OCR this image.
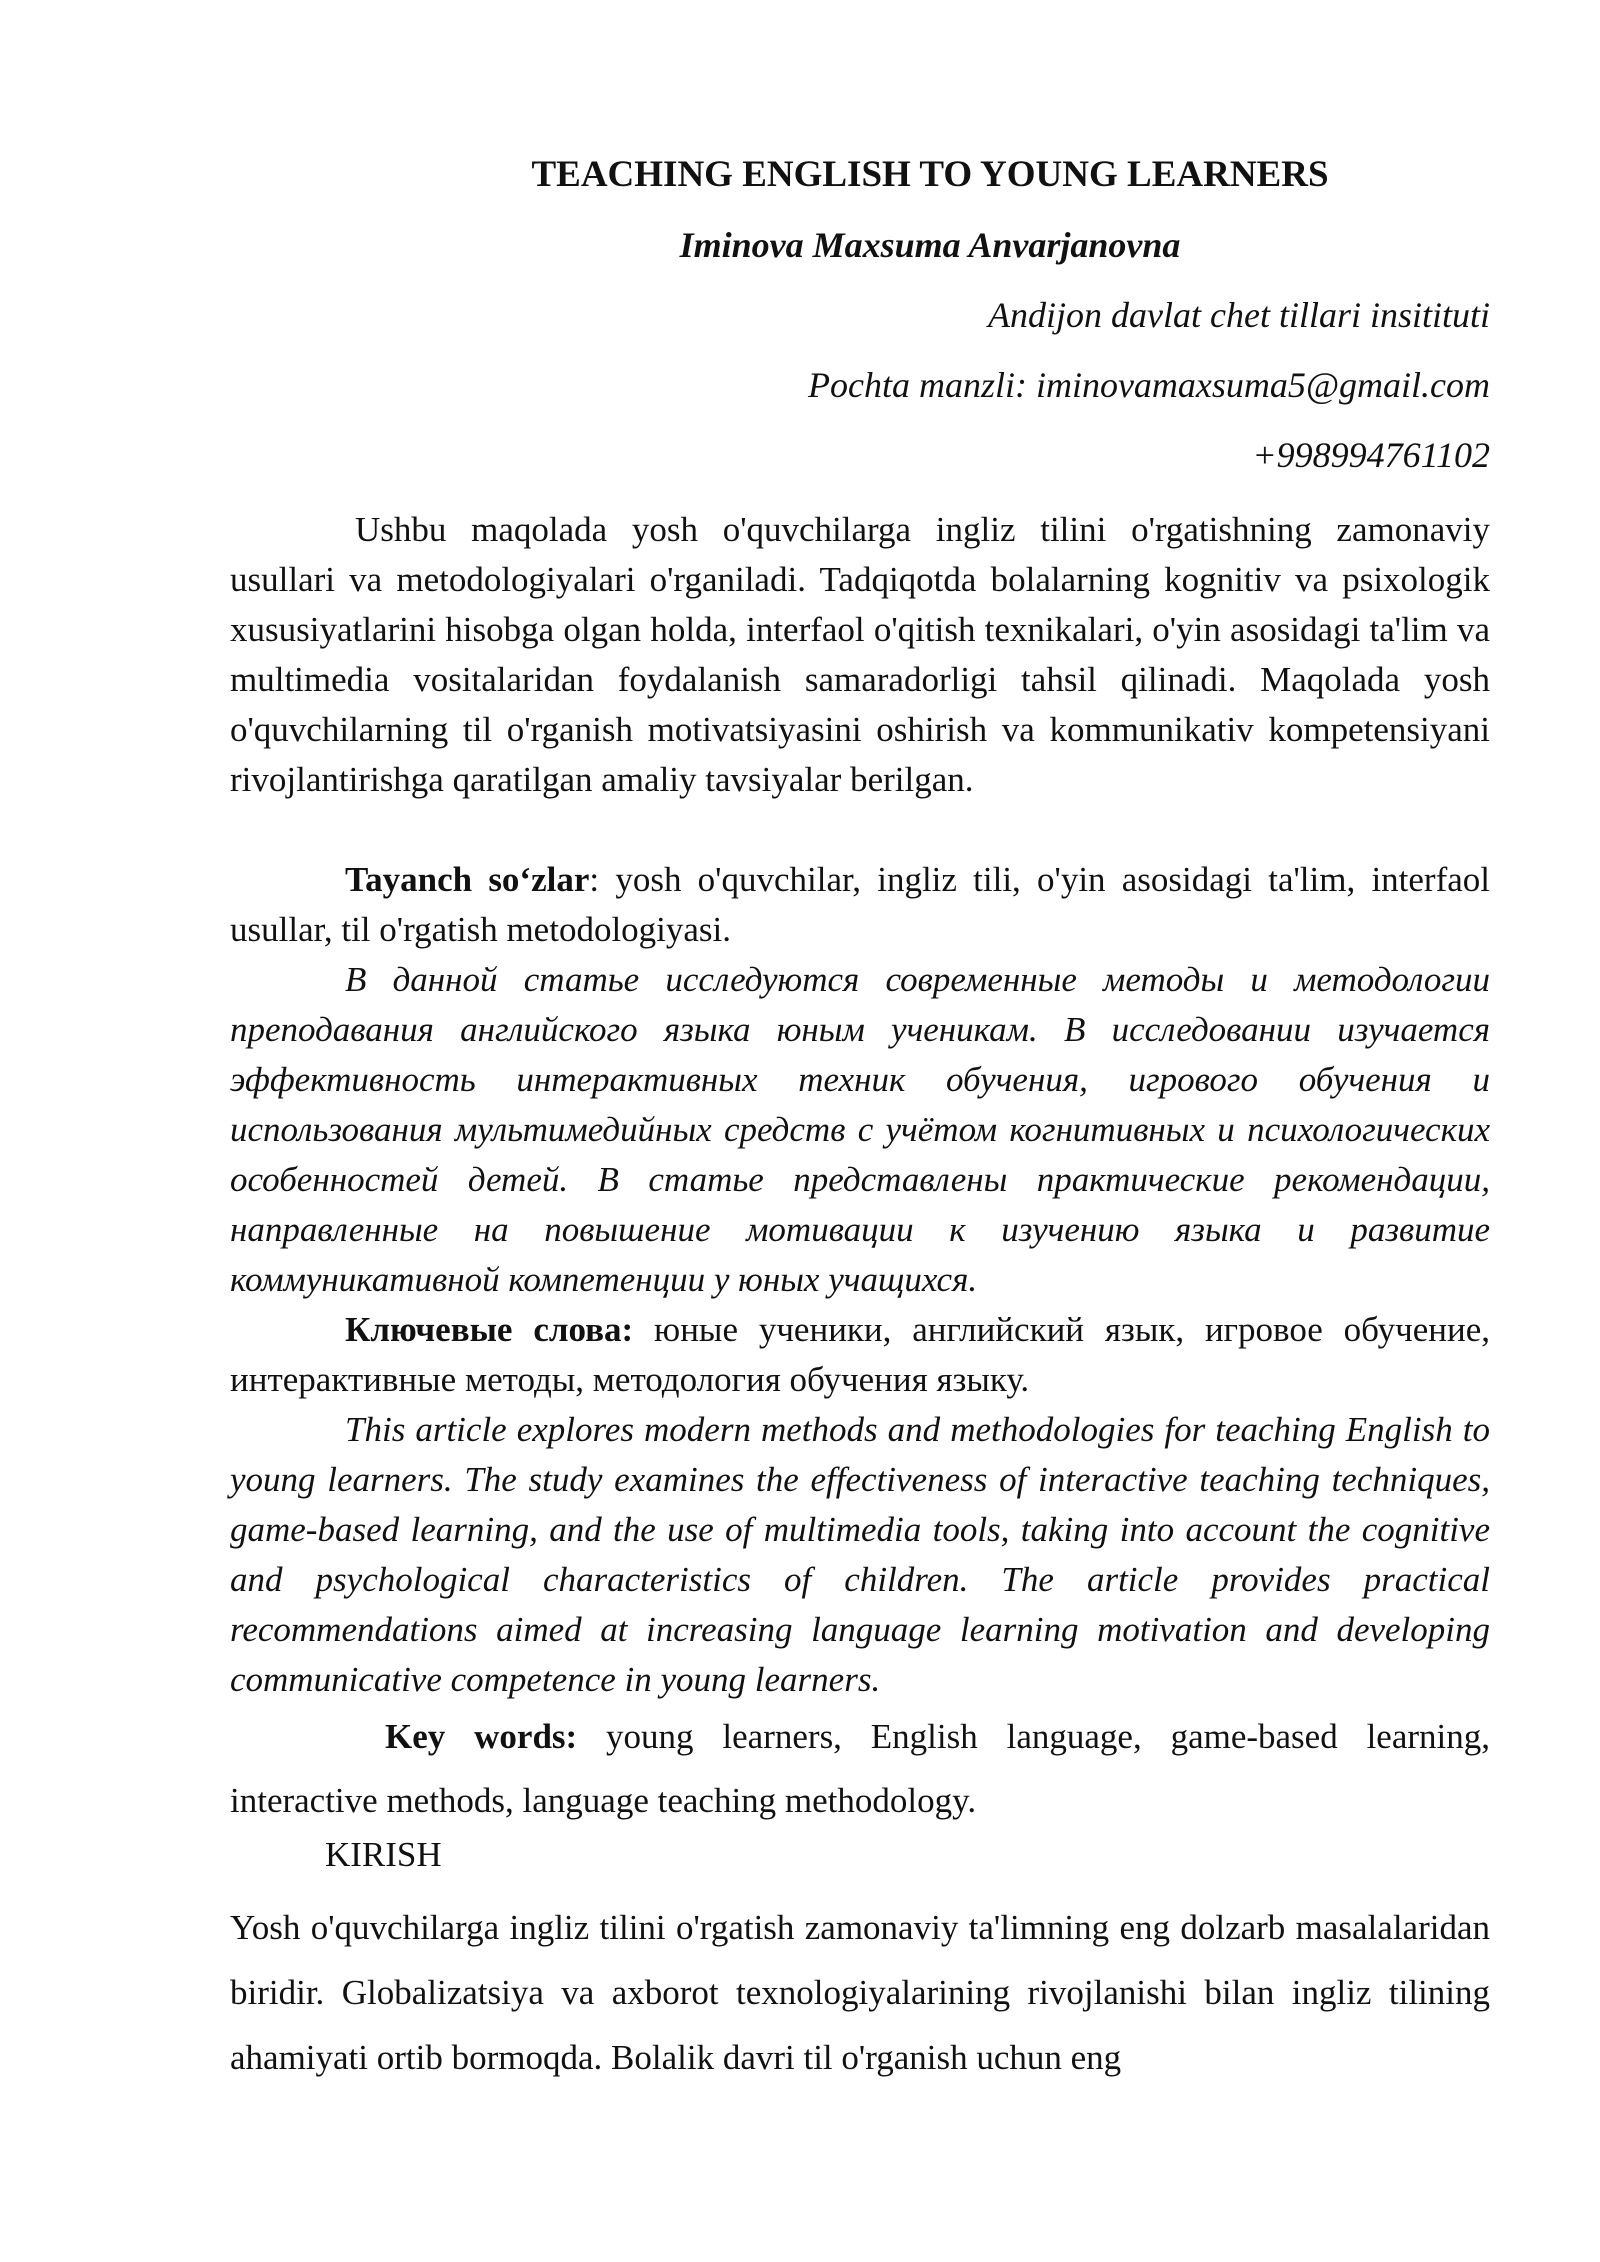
TEACHING ENGLISH TO YOUNG LEARNERS
Iminova Maxsuma Anvarjanovna
Andijon davlat chet tillari insitituti
Pochta manzli: iminovamaxsuma5@gmail.com
+998994761102

Ushbu maqolada yosh o'quvchilarga ingliz tilini o'rgatishning zamonaviy usullari va metodologiyalari o'rganiladi. Tadqiqotda bolalarning kognitiv va psixologik xususiyatlarini hisobga olgan holda, interfaol o'qitish texnikalari, o'yin asosidagi ta'lim va multimedia vositalaridan foydalanish samaradorligi tahsil qilinadi. Maqolada yosh o'quvchilarning til o'rganish motivatsiyasini oshirish va kommunikativ kompetensiyani rivojlantirishga qaratilgan amaliy tavsiyalar berilgan.

Tayanch so‘zlar: yosh o'quvchilar, ingliz tili, o'yin asosidagi ta'lim, interfaol usullar, til o'rgatish metodologiyasi.

В данной статье исследуются современные методы и методологии преподавания английского языка юным ученикам. В исследовании изучается эффективность интерактивных техник обучения, игрового обучения и использования мультимедийных средств с учётом когнитивных и психологических особенностей детей. В статье представлены практические рекомендации, направленные на повышение мотивации к изучению языка и развитие коммуникативной компетенции у юных учащихся.

Ключевые слова: юные ученики, английский язык, игровое обучение, интерактивные методы, методология обучения языку.

This article explores modern methods and methodologies for teaching English to young learners. The study examines the effectiveness of interactive teaching techniques, game-based learning, and the use of multimedia tools, taking into account the cognitive and psychological characteristics of children. The article provides practical recommendations aimed at increasing language learning motivation and developing communicative competence in young learners.

Key words: young learners, English language, game-based learning, interactive methods, language teaching methodology.

KIRISH

Yosh o'quvchilarga ingliz tilini o'rgatish zamonaviy ta'limning eng dolzarb masalalaridan biridir. Globalizatsiya va axborot texnologiyalarining rivojlanishi bilan ingliz tilining ahamiyati ortib bormoqda. Bolalik davri til o'rganish uchun eng
